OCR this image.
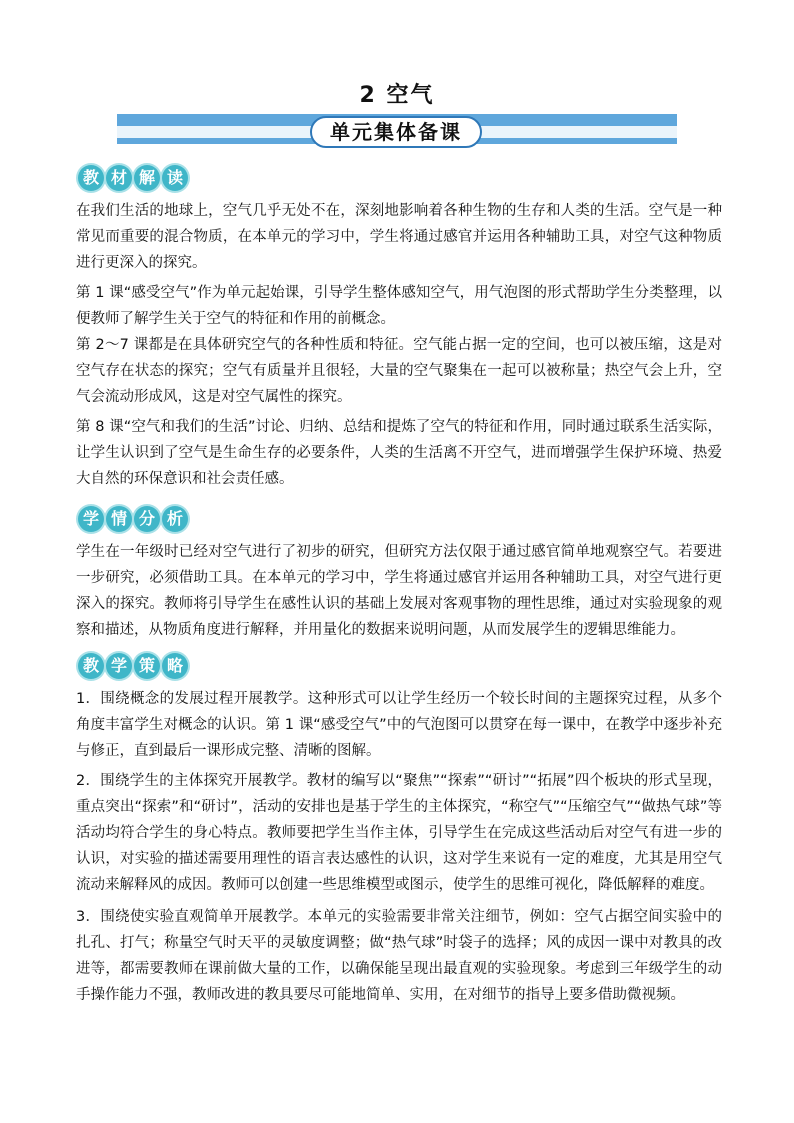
2 空气
单元集体备课
教 材 解 读
在我们生活的地球上，空气几乎无处不在，深刻地影响着各种生物的生存和人类的生活。空气是一种常见而重要的混合物质，在本单元的学习中，学生将通过感官并运用各种辅助工具，对空气这种物质进行更深入的探究。
第 1 课“感受空气”作为单元起始课，引导学生整体感知空气，用气泡图的形式帮助学生分类整理，以便教师了解学生关于空气的特征和作用的前概念。
第 2～7 课都是在具体研究空气的各种性质和特征。空气能占据一定的空间，也可以被压缩，这是对空气存在状态的探究；空气有质量并且很轻，大量的空气聚集在一起可以被称量；热空气会上升，空气会流动形成风，这是对空气属性的探究。
第 8 课“空气和我们的生活”讨论、归纳、总结和提炼了空气的特征和作用，同时通过联系生活实际，让学生认识到了空气是生命生存的必要条件，人类的生活离不开空气，进而增强学生保护环境、热爱大自然的环保意识和社会责任感。
学 情 分 析
学生在一年级时已经对空气进行了初步的研究，但研究方法仅限于通过感官简单地观察空气。若要进一步研究，必须借助工具。在本单元的学习中，学生将通过感官并运用各种辅助工具，对空气进行更深入的探究。教师将引导学生在感性认识的基础上发展对客观事物的理性思维，通过对实验现象的观察和描述，从物质角度进行解释，并用量化的数据来说明问题，从而发展学生的逻辑思维能力。
教 学 策 略
1．围绕概念的发展过程开展教学。这种形式可以让学生经历一个较长时间的主题探究过程，从多个角度丰富学生对概念的认识。第 1 课“感受空气”中的气泡图可以贯穿在每一课中，在教学中逐步补充与修正，直到最后一课形成完整、清晰的图解。
2．围绕学生的主体探究开展教学。教材的编写以“聚焦”“探索”“研讨”“拓展”四个板块的形式呈现，重点突出“探索”和“研讨”，活动的安排也是基于学生的主体探究，“称空气”“压缩空气”“做热气球”等活动均符合学生的身心特点。教师要把学生当作主体，引导学生在完成这些活动后对空气有进一步的认识，对实验的描述需要用理性的语言表达感性的认识，这对学生来说有一定的难度，尤其是用空气流动来解释风的成因。教师可以创建一些思维模型或图示，使学生的思维可视化，降低解释的难度。
3．围绕使实验直观简单开展教学。本单元的实验需要非常关注细节，例如：空气占据空间实验中的扎孔、打气；称量空气时天平的灵敏度调整；做“热气球”时袋子的选择；风的成因一课中对教具的改进等，都需要教师在课前做大量的工作，以确保能呈现出最直观的实验现象。考虑到三年级学生的动手操作能力不强，教师改进的教具要尽可能地简单、实用，在对细节的指导上要多借助微视频。
